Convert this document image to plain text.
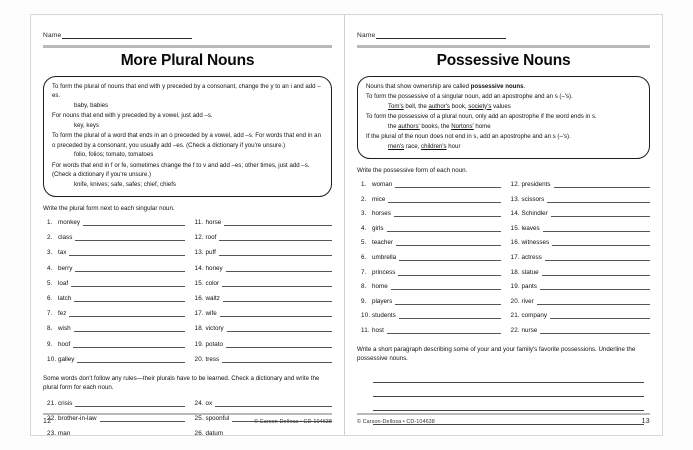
Name
More Plural Nouns

To form the plural of nouns that end with y preceded by a consonant, change the y to an i and add –es.

baby, babies

For nouns that end with y preceded by a vowel, just add –s.

key, keys

To form the plural of a word that ends in an o preceded by a vowel, add –s. For words that end in an o preceded by a consonant, you usually add –es. (Check a dictionary if you're unsure.)

folio, folios; tomato, tomatoes

For words that end in f or fe, sometimes change the f to v and add –es; other times, just add –s. (Check a dictionary if you're unsure.)

knife, knives; safe, safes; chief, chiefs

Write the plural form next to each singular noun.
1. monkey
2. class
3. tax
4. berry
5. loaf
6. latch
7. fez
8. wish
9. hoof
10. galley
11. horse
12. roof
13. puff
14. honey
15. color
16. waltz
17. wife
18. victory
19. potato
20. tress
Some words don't follow any rules—their plurals have to be learned. Check a dictionary and write the plural form for each noun.
21. crisis
22. brother-in-law
23. man
24. ox
25. spoonful
26. datum
12	© Carson-Dellosa • CD-104638
Name
Possessive Nouns

Nouns that show ownership are called possessive nouns.

To form the possessive of a singular noun, add an apostrophe and an s (–'s).

Tom's bell, the author's book, society's values

To form the possessive of a plural noun, only add an apostrophe if the word ends in s.

the authors' books, the Nortons' home

If the plural of the noun does not end in s, add an apostrophe and an s (–'s).

men's race, children's hour

Write the possessive form of each noun.
1. woman
2. mice
3. horses
4. girls
5. teacher
6. umbrella
7. princess
8. home
9. players
10. students
11. host
12. presidents
13. scissors
14. Schindler
15. leaves
16. witnesses
17. actress
18. statue
19. pants
20. river
21. company
22. nurse
Write a short paragraph describing some of your and your family's favorite possessions. Underline the possessive nouns.
© Carson-Dellosa • CD-104638	13
